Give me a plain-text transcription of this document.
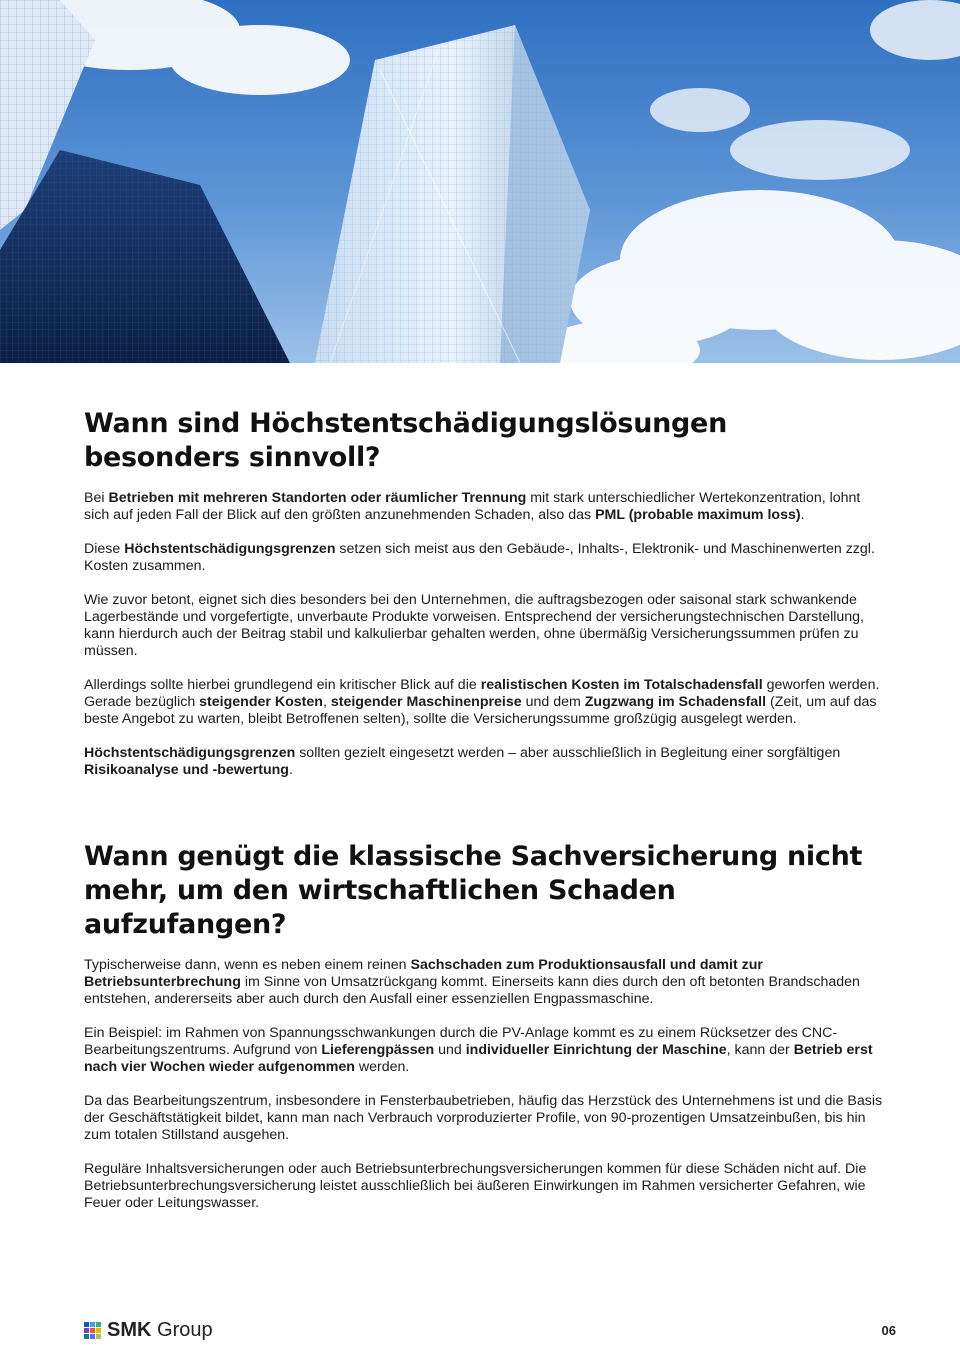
Wann sind Höchstentschädigungslösungen besonders sinnvoll?

Bei Betrieben mit mehreren Standorten oder räumlicher Trennung mit stark unterschiedlicher Wertekonzentration, lohnt sich auf jeden Fall der Blick auf den größten anzunehmenden Schaden, also das PML (probable maximum loss).

Diese Höchstentschädigungsgrenzen setzen sich meist aus den Gebäude-, Inhalts-, Elektronik- und Maschinenwerten zzgl. Kosten zusammen.

Wie zuvor betont, eignet sich dies besonders bei den Unternehmen, die auftragsbezogen oder saisonal stark schwankende Lagerbestände und vorgefertigte, unverbaute Produkte vorweisen. Entsprechend der versicherungstechnischen Darstellung, kann hierdurch auch der Beitrag stabil und kalkulierbar gehalten werden, ohne übermäßig Versicherungssummen prüfen zu müssen.

Allerdings sollte hierbei grundlegend ein kritischer Blick auf die realistischen Kosten im Totalschadensfall geworfen werden. Gerade bezüglich steigender Kosten, steigender Maschinenpreise und dem Zugzwang im Schadensfall (Zeit, um auf das beste Angebot zu warten, bleibt Betroffenen selten), sollte die Versicherungssumme großzügig ausgelegt werden.

Höchstentschädigungsgrenzen sollten gezielt eingesetzt werden – aber ausschließlich in Begleitung einer sorgfältigen Risikoanalyse und -bewertung.

Wann genügt die klassische Sachversicherung nicht mehr, um den wirtschaftlichen Schaden aufzufangen?

Typischerweise dann, wenn es neben einem reinen Sachschaden zum Produktionsausfall und damit zur Betriebsunterbrechung im Sinne von Umsatzrückgang kommt. Einerseits kann dies durch den oft betonten Brandschaden entstehen, andererseits aber auch durch den Ausfall einer essenziellen Engpassmaschine.

Ein Beispiel: im Rahmen von Spannungsschwankungen durch die PV-Anlage kommt es zu einem Rücksetzer des CNC-Bearbeitungszentrums. Aufgrund von Lieferengpässen und individueller Einrichtung der Maschine, kann der Betrieb erst nach vier Wochen wieder aufgenommen werden.

Da das Bearbeitungszentrum, insbesondere in Fensterbaubetrieben, häufig das Herzstück des Unternehmens ist und die Basis der Geschäftstätigkeit bildet, kann man nach Verbrauch vorproduzierter Profile, von 90-prozentigen Umsatzeinbußen, bis hin zum totalen Stillstand ausgehen.

Reguläre Inhaltsversicherungen oder auch Betriebsunterbrechungsversicherungen kommen für diese Schäden nicht auf. Die Betriebsunterbrechungsversicherung leistet ausschließlich bei äußeren Einwirkungen im Rahmen versicherter Gefahren, wie Feuer oder Leitungswasser.

SMK Group	06
